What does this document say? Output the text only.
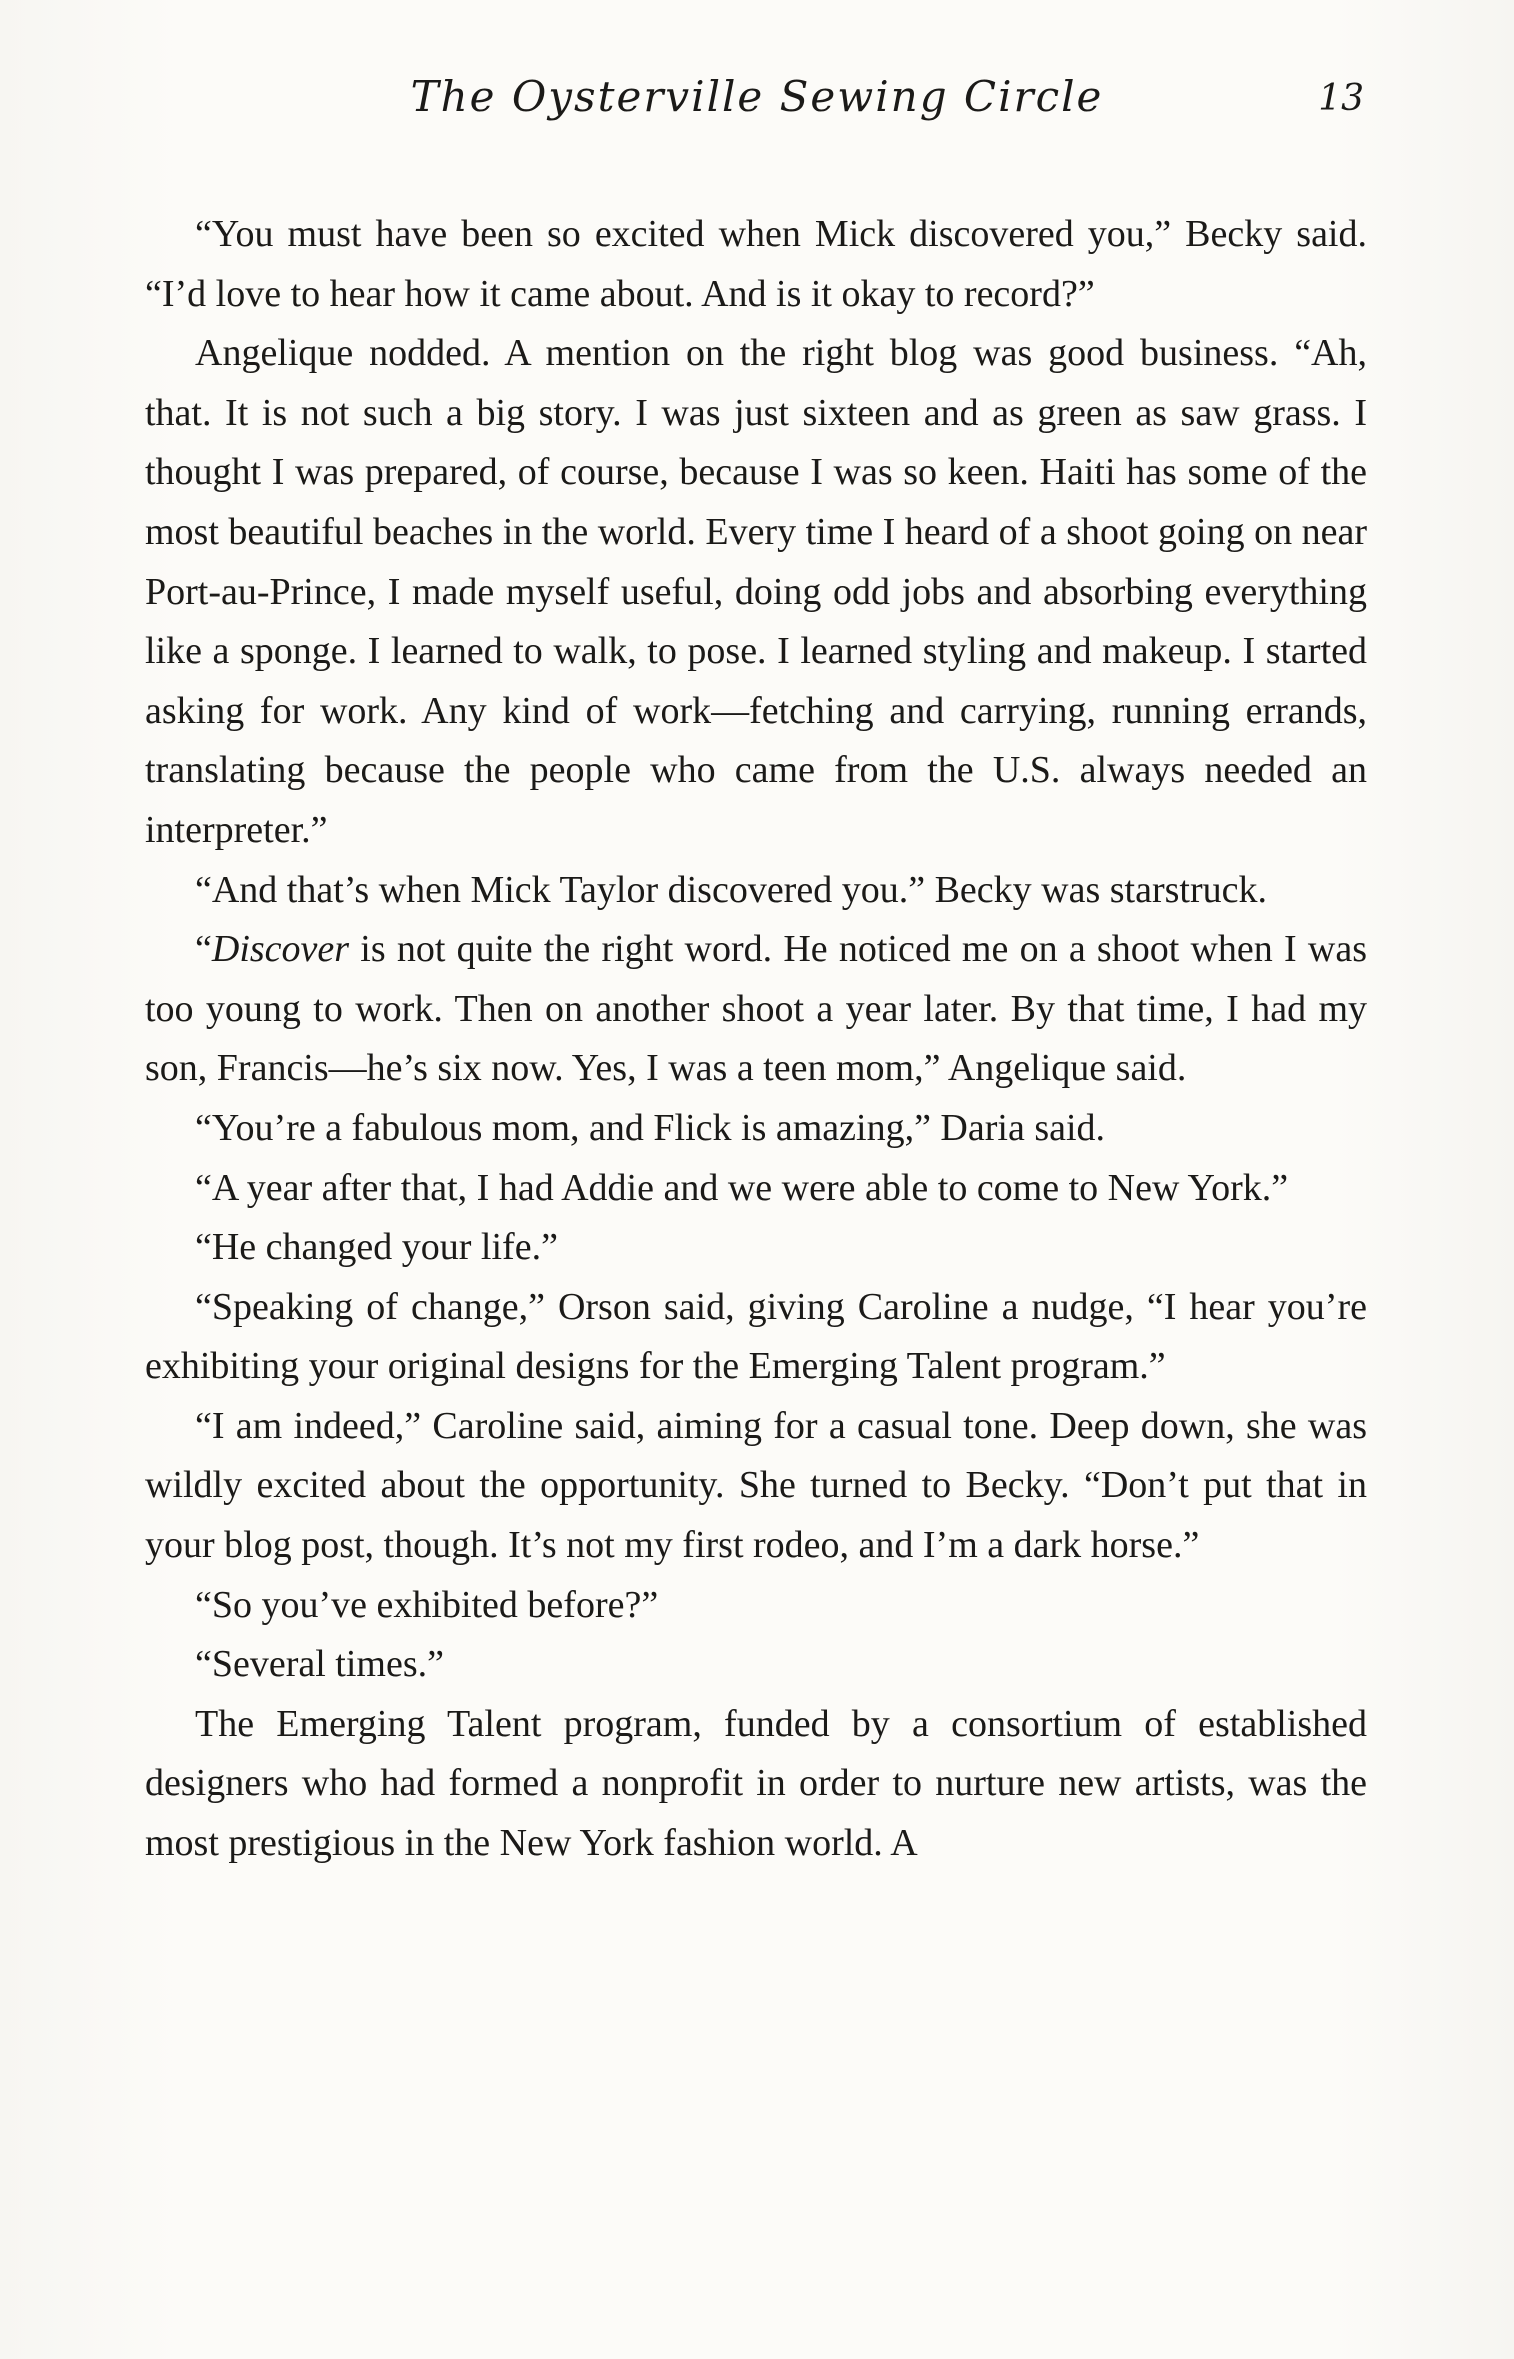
The Oysterville Sewing Circle	13

“You must have been so excited when Mick discovered you,” Becky said. “I’d love to hear how it came about. And is it okay to record?”

Angelique nodded. A mention on the right blog was good business. “Ah, that. It is not such a big story. I was just sixteen and as green as saw grass. I thought I was prepared, of course, because I was so keen. Haiti has some of the most beautiful beaches in the world. Every time I heard of a shoot going on near Port-au-Prince, I made myself useful, doing odd jobs and absorbing everything like a sponge. I learned to walk, to pose. I learned styling and makeup. I started asking for work. Any kind of work—fetching and carrying, running errands, translating because the people who came from the U.S. always needed an interpreter.”

“And that’s when Mick Taylor discovered you.” Becky was starstruck.

“Discover is not quite the right word. He noticed me on a shoot when I was too young to work. Then on another shoot a year later. By that time, I had my son, Francis—he’s six now. Yes, I was a teen mom,” Angelique said.

“You’re a fabulous mom, and Flick is amazing,” Daria said.

“A year after that, I had Addie and we were able to come to New York.”

“He changed your life.”

“Speaking of change,” Orson said, giving Caroline a nudge, “I hear you’re exhibiting your original designs for the Emerging Talent program.”

“I am indeed,” Caroline said, aiming for a casual tone. Deep down, she was wildly excited about the opportunity. She turned to Becky. “Don’t put that in your blog post, though. It’s not my first rodeo, and I’m a dark horse.”

“So you’ve exhibited before?”

“Several times.”

The Emerging Talent program, funded by a consortium of established designers who had formed a nonprofit in order to nurture new artists, was the most prestigious in the New York fashion world. A
